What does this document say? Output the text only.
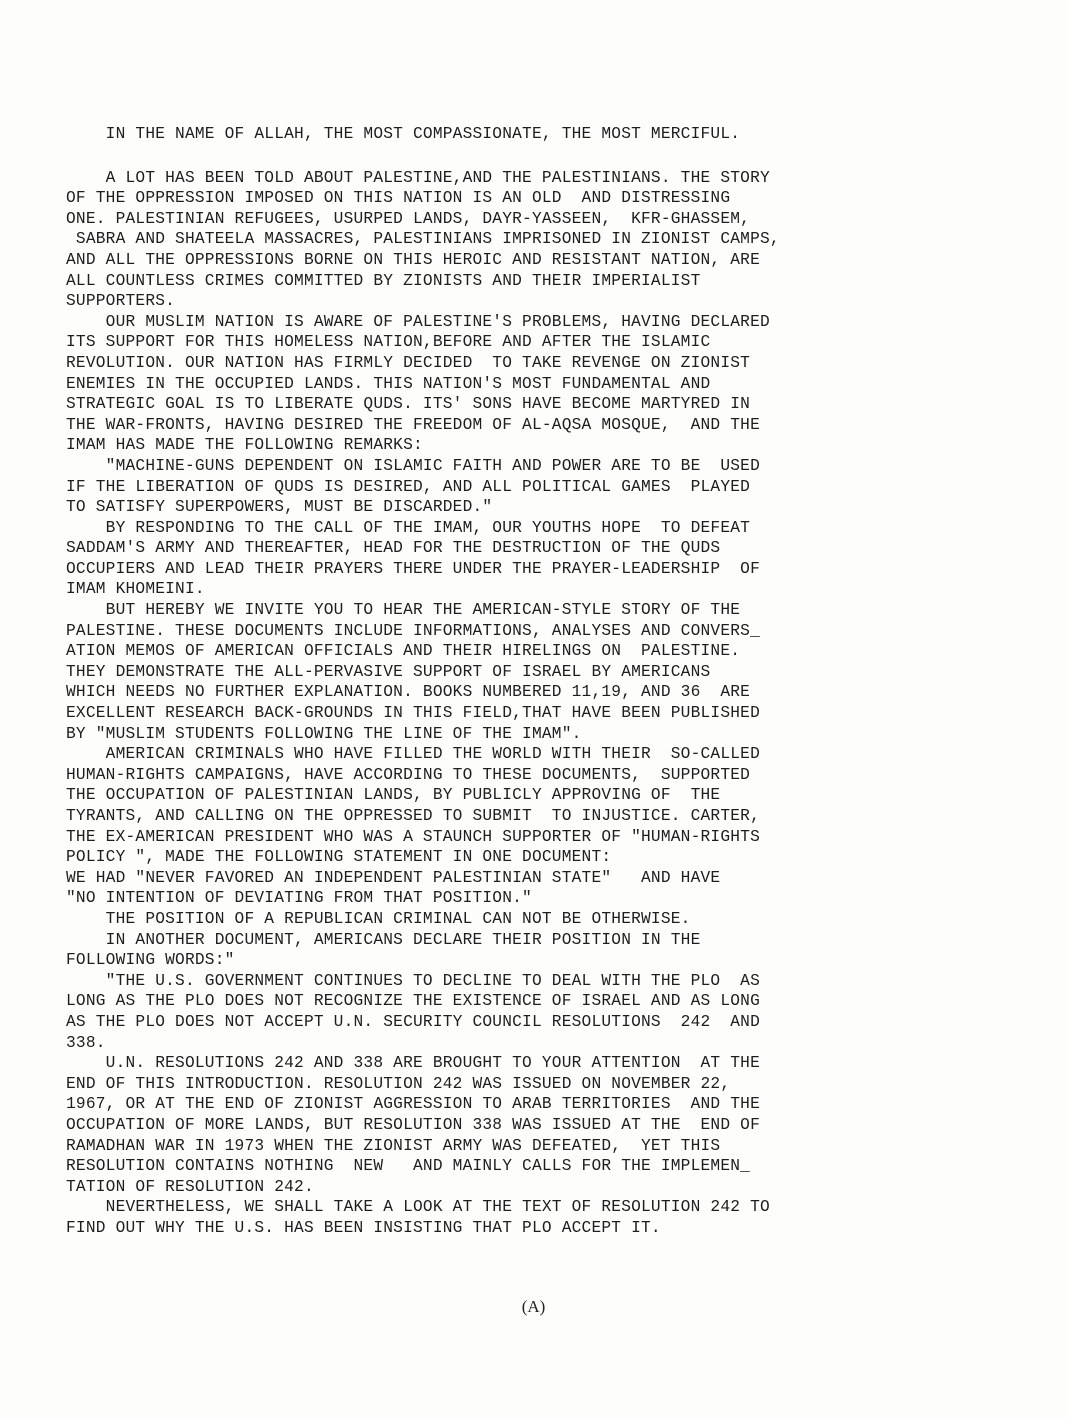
IN THE NAME OF ALLAH, THE MOST COMPASSIONATE, THE MOST MERCIFUL.
A LOT HAS BEEN TOLD ABOUT PALESTINE,AND THE PALESTINIANS. THE STORY
OF THE OPPRESSION IMPOSED ON THIS NATION IS AN OLD  AND DISTRESSING
ONE. PALESTINIAN REFUGEES, USURPED LANDS, DAYR-YASSEEN,  KFR-GHASSEM,
SABRA AND SHATEELA MASSACRES, PALESTINIANS IMPRISONED IN ZIONIST CAMPS,
AND ALL THE OPPRESSIONS BORNE ON THIS HEROIC AND RESISTANT NATION, ARE
ALL COUNTLESS CRIMES COMMITTED BY ZIONISTS AND THEIR IMPERIALIST
SUPPORTERS.
OUR MUSLIM NATION IS AWARE OF PALESTINE'S PROBLEMS, HAVING DECLARED
ITS SUPPORT FOR THIS HOMELESS NATION,BEFORE AND AFTER THE ISLAMIC
REVOLUTION. OUR NATION HAS FIRMLY DECIDED  TO TAKE REVENGE ON ZIONIST
ENEMIES IN THE OCCUPIED LANDS. THIS NATION'S MOST FUNDAMENTAL AND
STRATEGIC GOAL IS TO LIBERATE QUDS. ITS' SONS HAVE BECOME MARTYRED IN
THE WAR-FRONTS, HAVING DESIRED THE FREEDOM OF AL-AQSA MOSQUE,  AND THE
IMAM HAS MADE THE FOLLOWING REMARKS:
"MACHINE-GUNS DEPENDENT ON ISLAMIC FAITH AND POWER ARE TO BE  USED
IF THE LIBERATION OF QUDS IS DESIRED, AND ALL POLITICAL GAMES  PLAYED
TO SATISFY SUPERPOWERS, MUST BE DISCARDED."
BY RESPONDING TO THE CALL OF THE IMAM, OUR YOUTHS HOPE  TO DEFEAT
SADDAM'S ARMY AND THEREAFTER, HEAD FOR THE DESTRUCTION OF THE QUDS
OCCUPIERS AND LEAD THEIR PRAYERS THERE UNDER THE PRAYER-LEADERSHIP  OF
IMAM KHOMEINI.
BUT HEREBY WE INVITE YOU TO HEAR THE AMERICAN-STYLE STORY OF THE
PALESTINE. THESE DOCUMENTS INCLUDE INFORMATIONS, ANALYSES AND CONVERS_
ATION MEMOS OF AMERICAN OFFICIALS AND THEIR HIRELINGS ON  PALESTINE.
THEY DEMONSTRATE THE ALL-PERVASIVE SUPPORT OF ISRAEL BY AMERICANS
WHICH NEEDS NO FURTHER EXPLANATION. BOOKS NUMBERED 11,19, AND 36  ARE
EXCELLENT RESEARCH BACK-GROUNDS IN THIS FIELD,THAT HAVE BEEN PUBLISHED
BY "MUSLIM STUDENTS FOLLOWING THE LINE OF THE IMAM".
AMERICAN CRIMINALS WHO HAVE FILLED THE WORLD WITH THEIR  SO-CALLED
HUMAN-RIGHTS CAMPAIGNS, HAVE ACCORDING TO THESE DOCUMENTS,  SUPPORTED
THE OCCUPATION OF PALESTINIAN LANDS, BY PUBLICLY APPROVING OF  THE
TYRANTS, AND CALLING ON THE OPPRESSED TO SUBMIT  TO INJUSTICE. CARTER,
THE EX-AMERICAN PRESIDENT WHO WAS A STAUNCH SUPPORTER OF "HUMAN-RIGHTS
POLICY ", MADE THE FOLLOWING STATEMENT IN ONE DOCUMENT:
WE HAD "NEVER FAVORED AN INDEPENDENT PALESTINIAN STATE"   AND HAVE
"NO INTENTION OF DEVIATING FROM THAT POSITION."
THE POSITION OF A REPUBLICAN CRIMINAL CAN NOT BE OTHERWISE.
IN ANOTHER DOCUMENT, AMERICANS DECLARE THEIR POSITION IN THE
FOLLOWING WORDS:"
"THE U.S. GOVERNMENT CONTINUES TO DECLINE TO DEAL WITH THE PLO  AS
LONG AS THE PLO DOES NOT RECOGNIZE THE EXISTENCE OF ISRAEL AND AS LONG
AS THE PLO DOES NOT ACCEPT U.N. SECURITY COUNCIL RESOLUTIONS  242  AND
338.
U.N. RESOLUTIONS 242 AND 338 ARE BROUGHT TO YOUR ATTENTION  AT THE
END OF THIS INTRODUCTION. RESOLUTION 242 WAS ISSUED ON NOVEMBER 22,
1967, OR AT THE END OF ZIONIST AGGRESSION TO ARAB TERRITORIES  AND THE
OCCUPATION OF MORE LANDS, BUT RESOLUTION 338 WAS ISSUED AT THE  END OF
RAMADHAN WAR IN 1973 WHEN THE ZIONIST ARMY WAS DEFEATED,  YET THIS
RESOLUTION CONTAINS NOTHING  NEW   AND MAINLY CALLS FOR THE IMPLEMEN_
TATION OF RESOLUTION 242.
NEVERTHELESS, WE SHALL TAKE A LOOK AT THE TEXT OF RESOLUTION 242 TO
FIND OUT WHY THE U.S. HAS BEEN INSISTING THAT PLO ACCEPT IT.
(A)
